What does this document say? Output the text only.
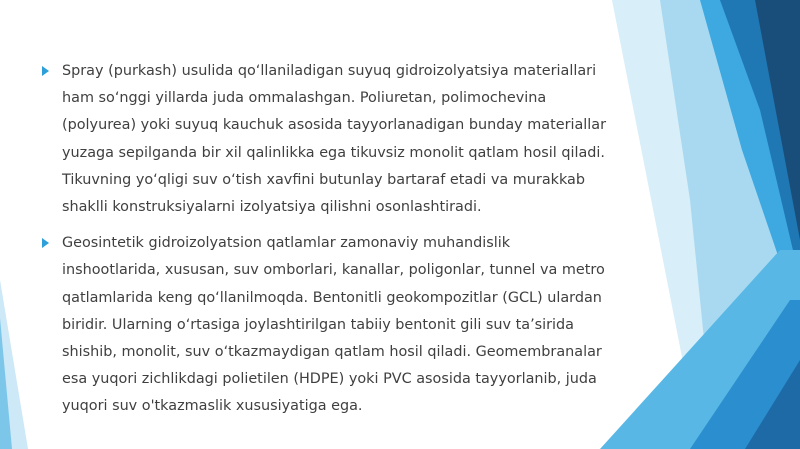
Spray (purkash) usulida qo‘llaniladigan suyuq gidroizolyatsiya materiallari
ham so‘nggi yillarda juda ommalashgan. Poliuretan, polimochevina
(polyurea) yoki suyuq kauchuk asosida tayyorlanadigan bunday materiallar
yuzaga sepilganda bir xil qalinlikka ega tikuvsiz monolit qatlam hosil qiladi.
Tikuvning yo‘qligi suv o‘tish xavfini butunlay bartaraf etadi va murakkab
shaklli konstruksiyalarni izolyatsiya qilishni osonlashtiradi.
Geosintetik gidroizolyatsion qatlamlar zamonaviy muhandislik
inshootlarida, xususan, suv omborlari, kanallar, poligonlar, tunnel va metro
qatlamlarida keng qo‘llanilmoqda. Bentonitli geokompozitlar (GCL) ulardan
biridir. Ularning o‘rtasiga joylashtirilgan tabiiy bentonit gili suv ta’sirida
shishib, monolit, suv o‘tkazmaydigan qatlam hosil qiladi. Geomembranalar
esa yuqori zichlikdagi polietilen (HDPE) yoki PVC asosida tayyorlanib, juda
yuqori suv o'tkazmaslik xususiyatiga ega.
